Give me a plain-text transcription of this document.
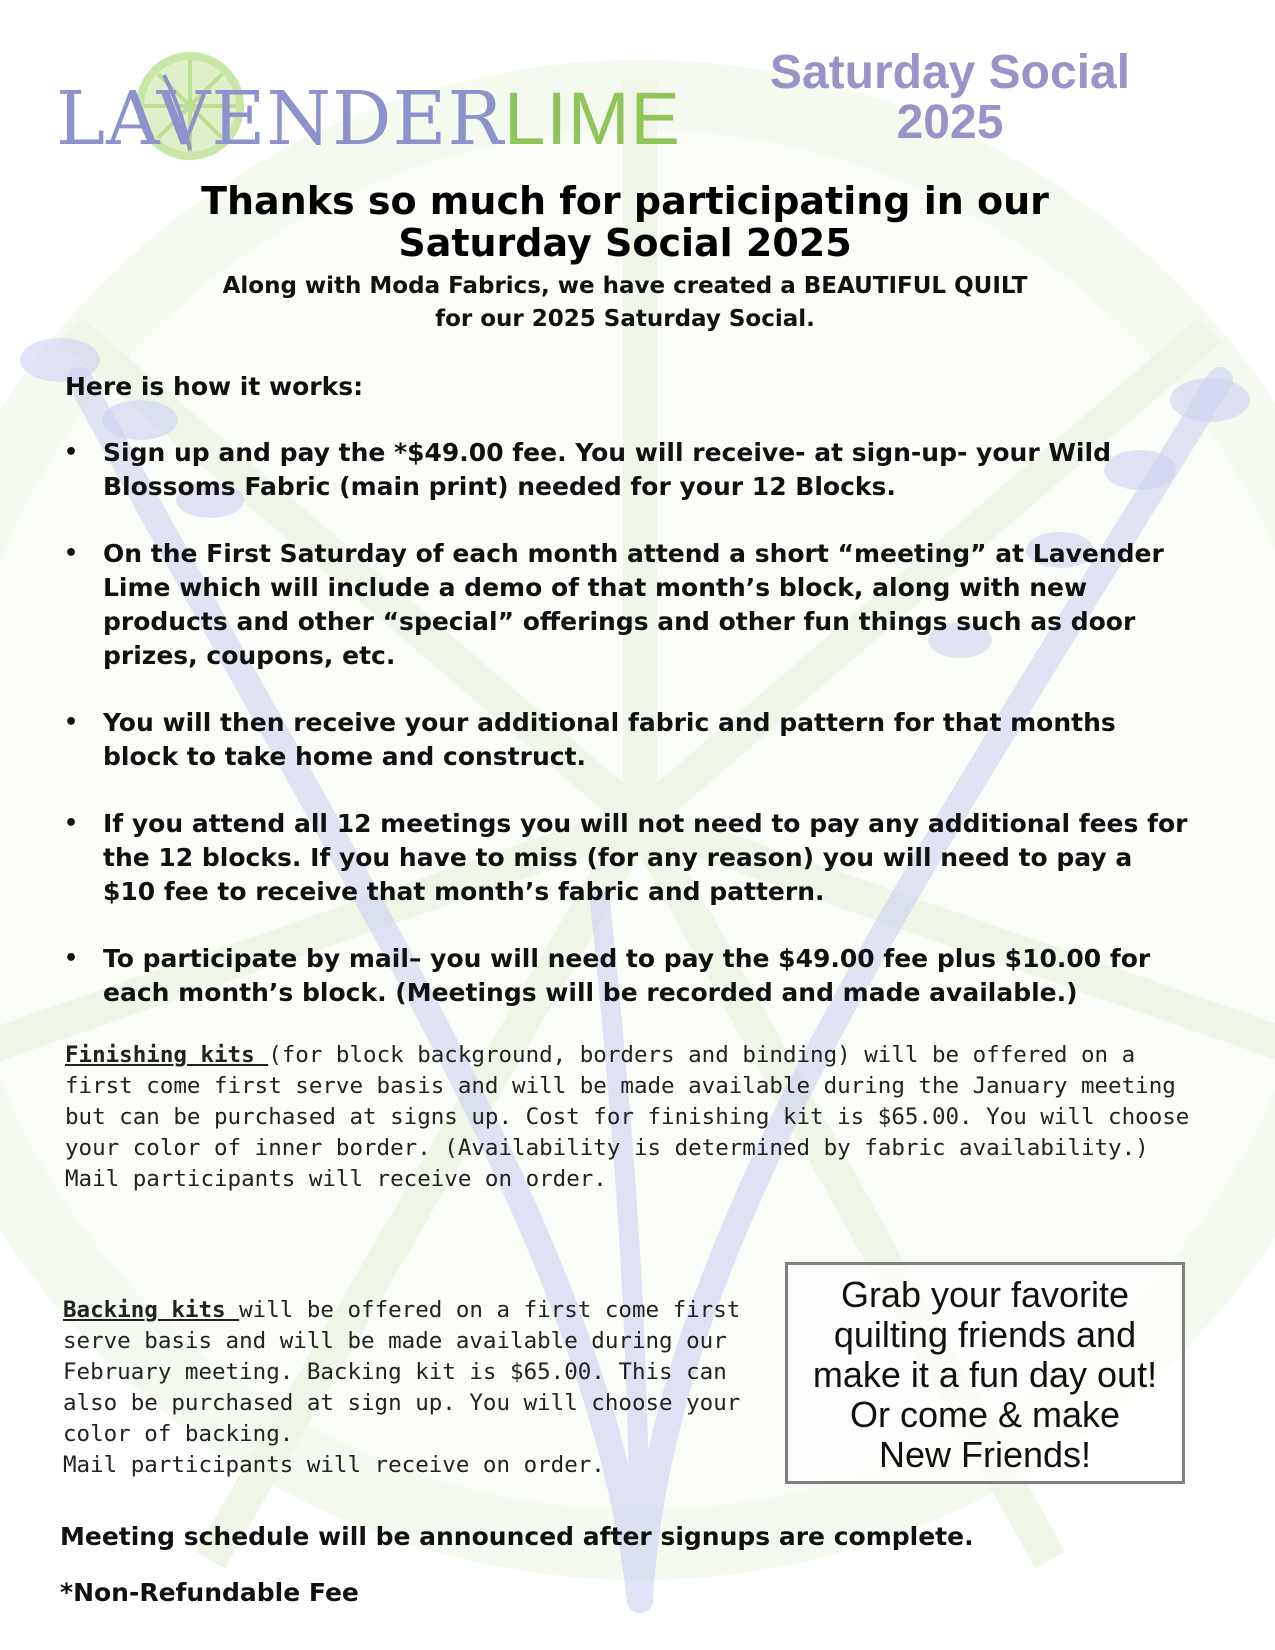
LAVENDERLIME
Saturday Social
2025
Thanks so much for participating in our
Saturday Social 2025
Along with Moda Fabrics, we have created a BEAUTIFUL QUILT
for our 2025 Saturday Social.
Here is how it works:
• Sign up and pay the *$49.00 fee. You will receive- at sign-up- your Wild Blossoms Fabric (main print) needed for your 12 Blocks.
• On the First Saturday of each month attend a short “meeting” at Lavender Lime which will include a demo of that month’s block, along with new products and other “special” offerings and other fun things such as door prizes, coupons, etc.
• You will then receive your additional fabric and pattern for that months block to take home and construct.
• If you attend all 12 meetings you will not need to pay any additional fees for the 12 blocks. If you have to miss (for any reason) you will need to pay a $10 fee to receive that month’s fabric and pattern.
• To participate by mail– you will need to pay the $49.00 fee plus $10.00 for each month’s block. (Meetings will be recorded and made available.)
Finishing kits (for block background, borders and binding) will be offered on a first come first serve basis and will be made available during the January meeting but can be purchased at signs up. Cost for finishing kit is $65.00. You will choose your color of inner border. (Availability is determined by fabric availability.)
Mail participants will receive on order.
Backing kits will be offered on a first come first serve basis and will be made available during our February meeting. Backing kit is $65.00. This can also be purchased at sign up. You will choose your color of backing.
Mail participants will receive on order.
Grab your favorite
quilting friends and
make it a fun day out!
Or come & make
New Friends!
Meeting schedule will be announced after signups are complete.
*Non-Refundable Fee
